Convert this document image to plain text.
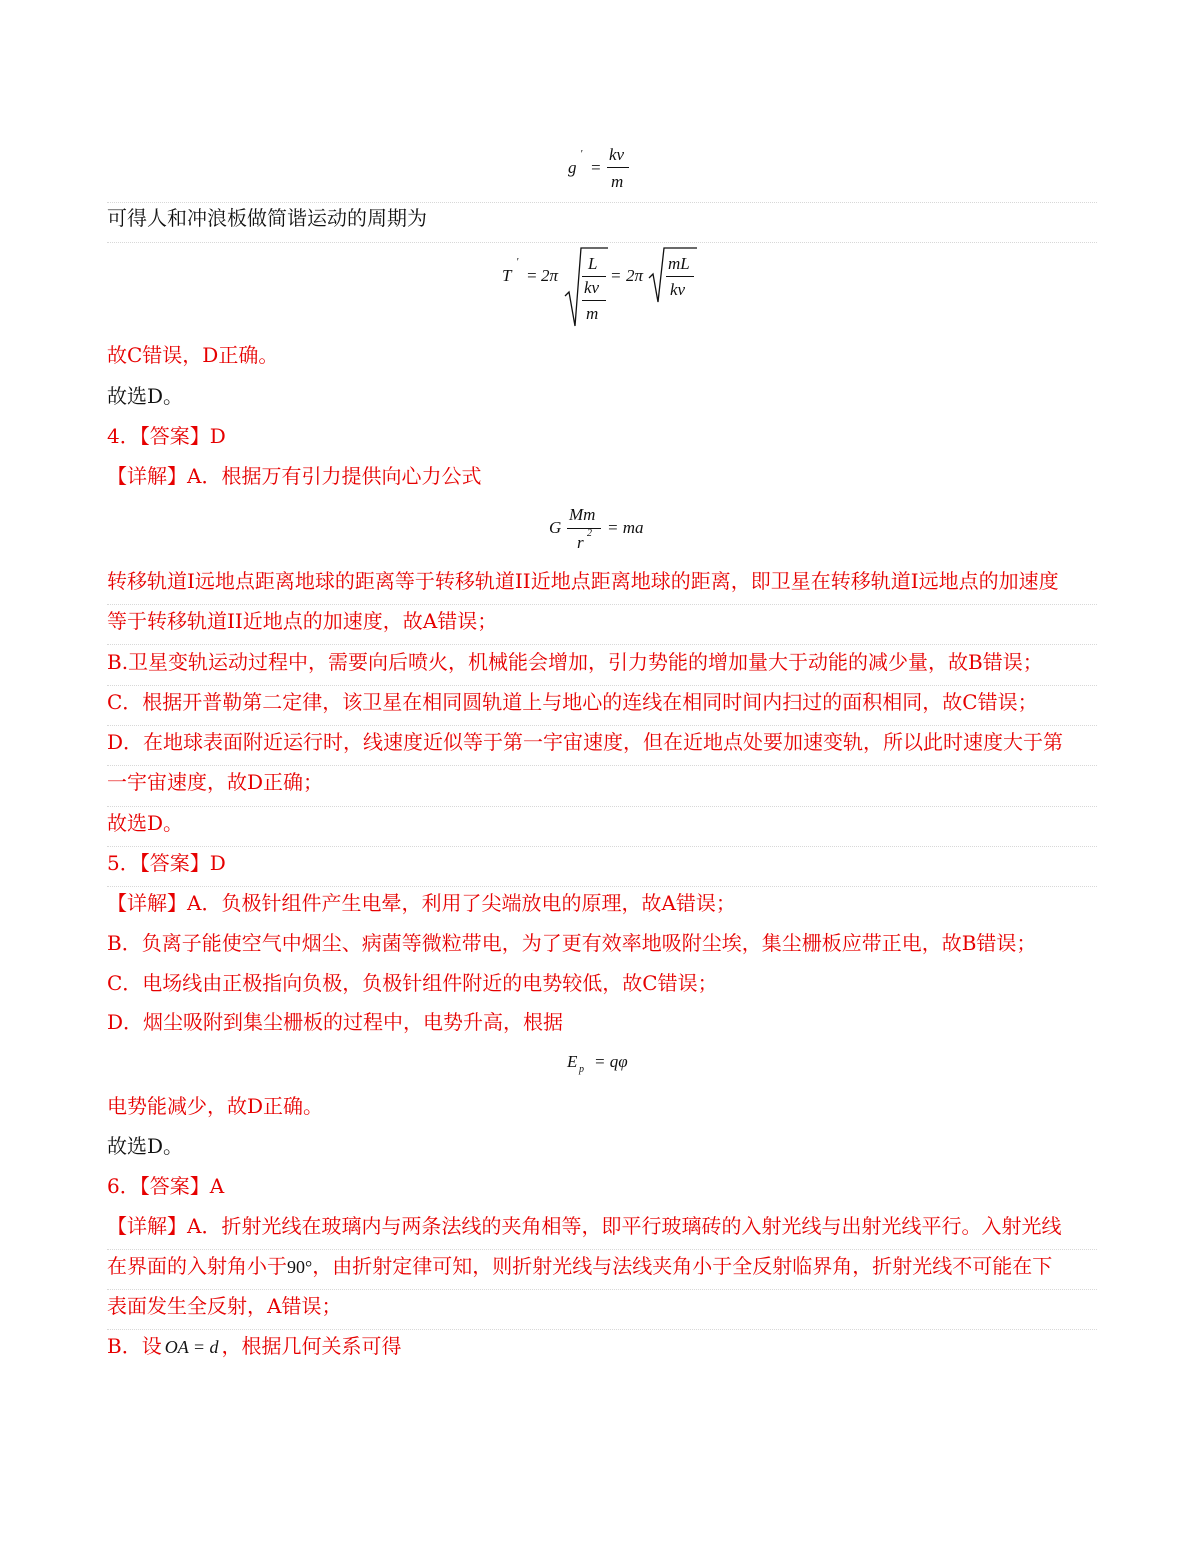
g
'
=
kv
m
可得人和冲浪板做简谐运动的周期为
T
'
= 2π
L
kv
m
= 2π
mL
kv
故C错误，D正确。
故选D。
4．【答案】D
【详解】A．根据万有引力提供向心力公式
G
Mm
r 2 = ma
转移轨道I远地点距离地球的距离等于转移轨道II近地点距离地球的距离，即卫星在转移轨道I远地点的加速度
等于转移轨道II近地点的加速度，故A错误；
B.卫星变轨运动过程中，需要向后喷火，机械能会增加，引力势能的增加量大于动能的减少量，故B错误；
C．根据开普勒第二定律，该卫星在相同圆轨道上与地心的连线在相同时间内扫过的面积相同，故C错误；
D．在地球表面附近运行时，线速度近似等于第一宇宙速度，但在近地点处要加速变轨，所以此时速度大于第
一宇宙速度，故D正确；
故选D。
5．【答案】D
【详解】A．负极针组件产生电晕，利用了尖端放电的原理，故A错误；
B．负离子能使空气中烟尘、病菌等微粒带电，为了更有效率地吸附尘埃，集尘栅板应带正电，故B错误；
C．电场线由正极指向负极，负极针组件附近的电势较低，故C错误；
D．烟尘吸附到集尘栅板的过程中，电势升高，根据
E p = qφ
电势能减少，故D正确。
故选D。
6．【答案】A
【详解】A．折射光线在玻璃内与两条法线的夹角相等，即平行玻璃砖的入射光线与出射光线平行。入射光线
在界面的入射角小于90°，由折射定律可知，则折射光线与法线夹角小于全反射临界角，折射光线不可能在下
表面发生全反射，A错误；
B．设 OA = d ，根据几何关系可得
